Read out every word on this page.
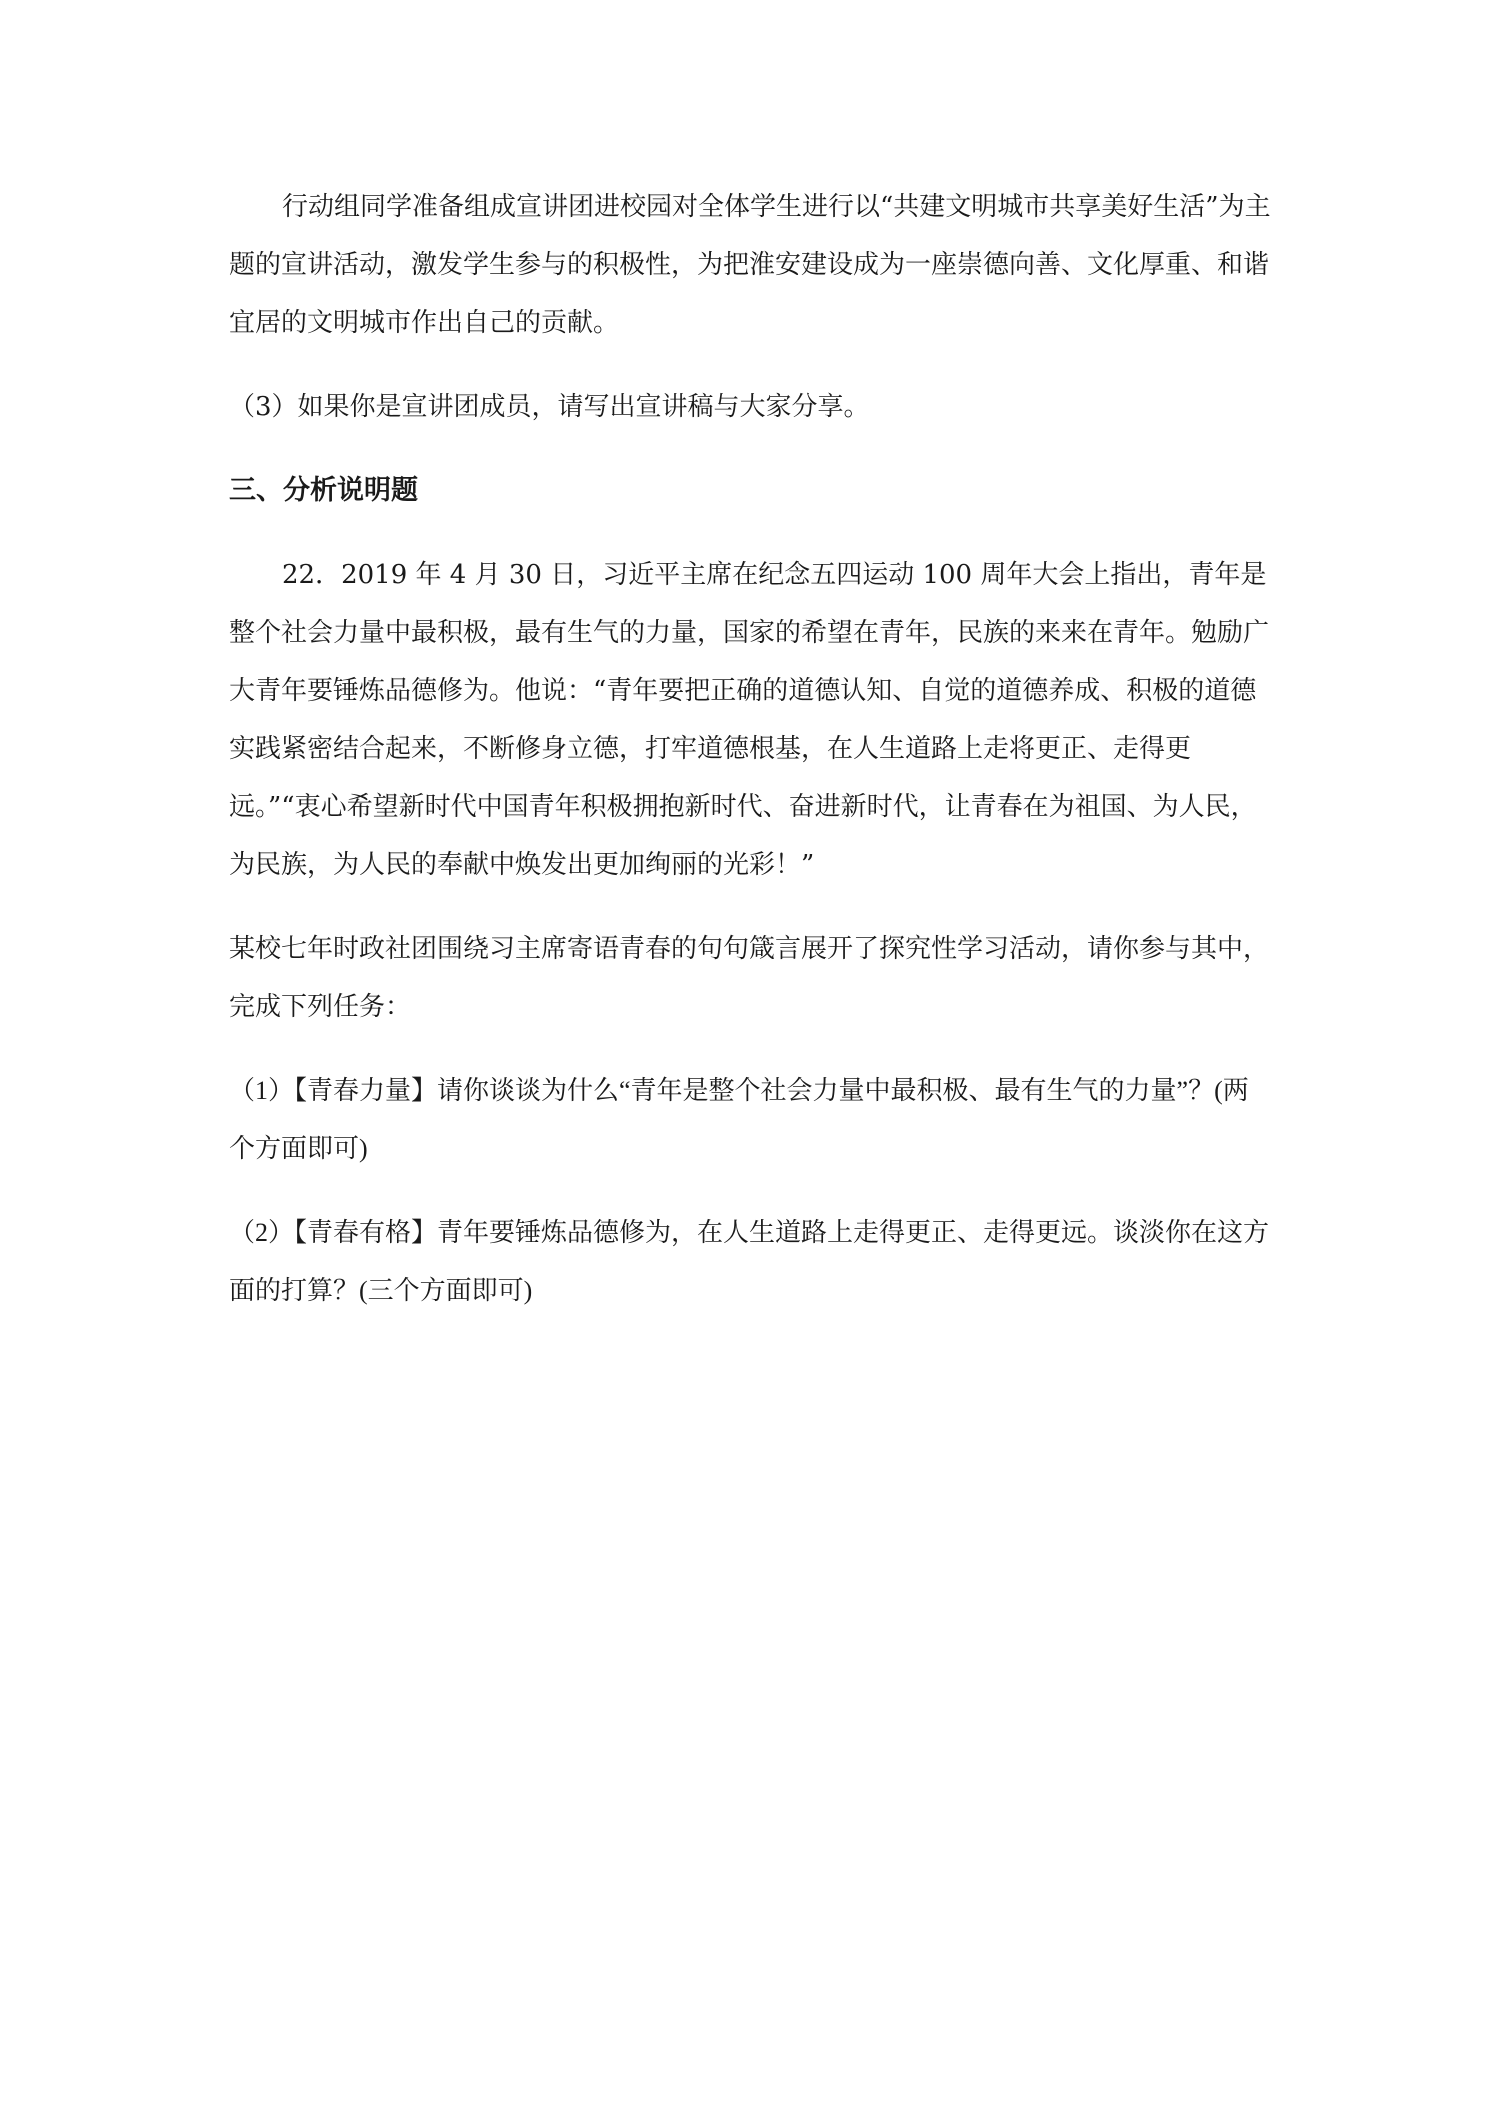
行动组同学准备组成宣讲团进校园对全体学生进行以“共建文明城市共享美好生活”为主题的宣讲活动，激发学生参与的积极性，为把淮安建设成为一座崇德向善、文化厚重、和谐宜居的文明城市作出自己的贡献。

（3）如果你是宣讲团成员，请写出宣讲稿与大家分享。

三、分析说明题

22．2019 年 4 月 30 日，习近平主席在纪念五四运动 100 周年大会上指出，青年是整个社会力量中最积极，最有生气的力量，国家的希望在青年，民族的来来在青年。勉励广大青年要锤炼品德修为。他说：“青年要把正确的道德认知、自觉的道德养成、积极的道德实践紧密结合起来，不断修身立德，打牢道德根基，在人生道路上走将更正、走得更远。”“衷心希望新时代中国青年积极拥抱新时代、奋进新时代，让青春在为祖国、为人民，为民族，为人民的奉献中焕发出更加绚丽的光彩！”

某校七年时政社团围绕习主席寄语青春的句句箴言展开了探究性学习活动，请你参与其中，完成下列任务：

（1）【青春力量】请你谈谈为什么“青年是整个社会力量中最积极、最有生气的力量”？(两个方面即可)

（2）【青春有格】青年要锤炼品德修为，在人生道路上走得更正、走得更远。谈淡你在这方面的打算？(三个方面即可)
